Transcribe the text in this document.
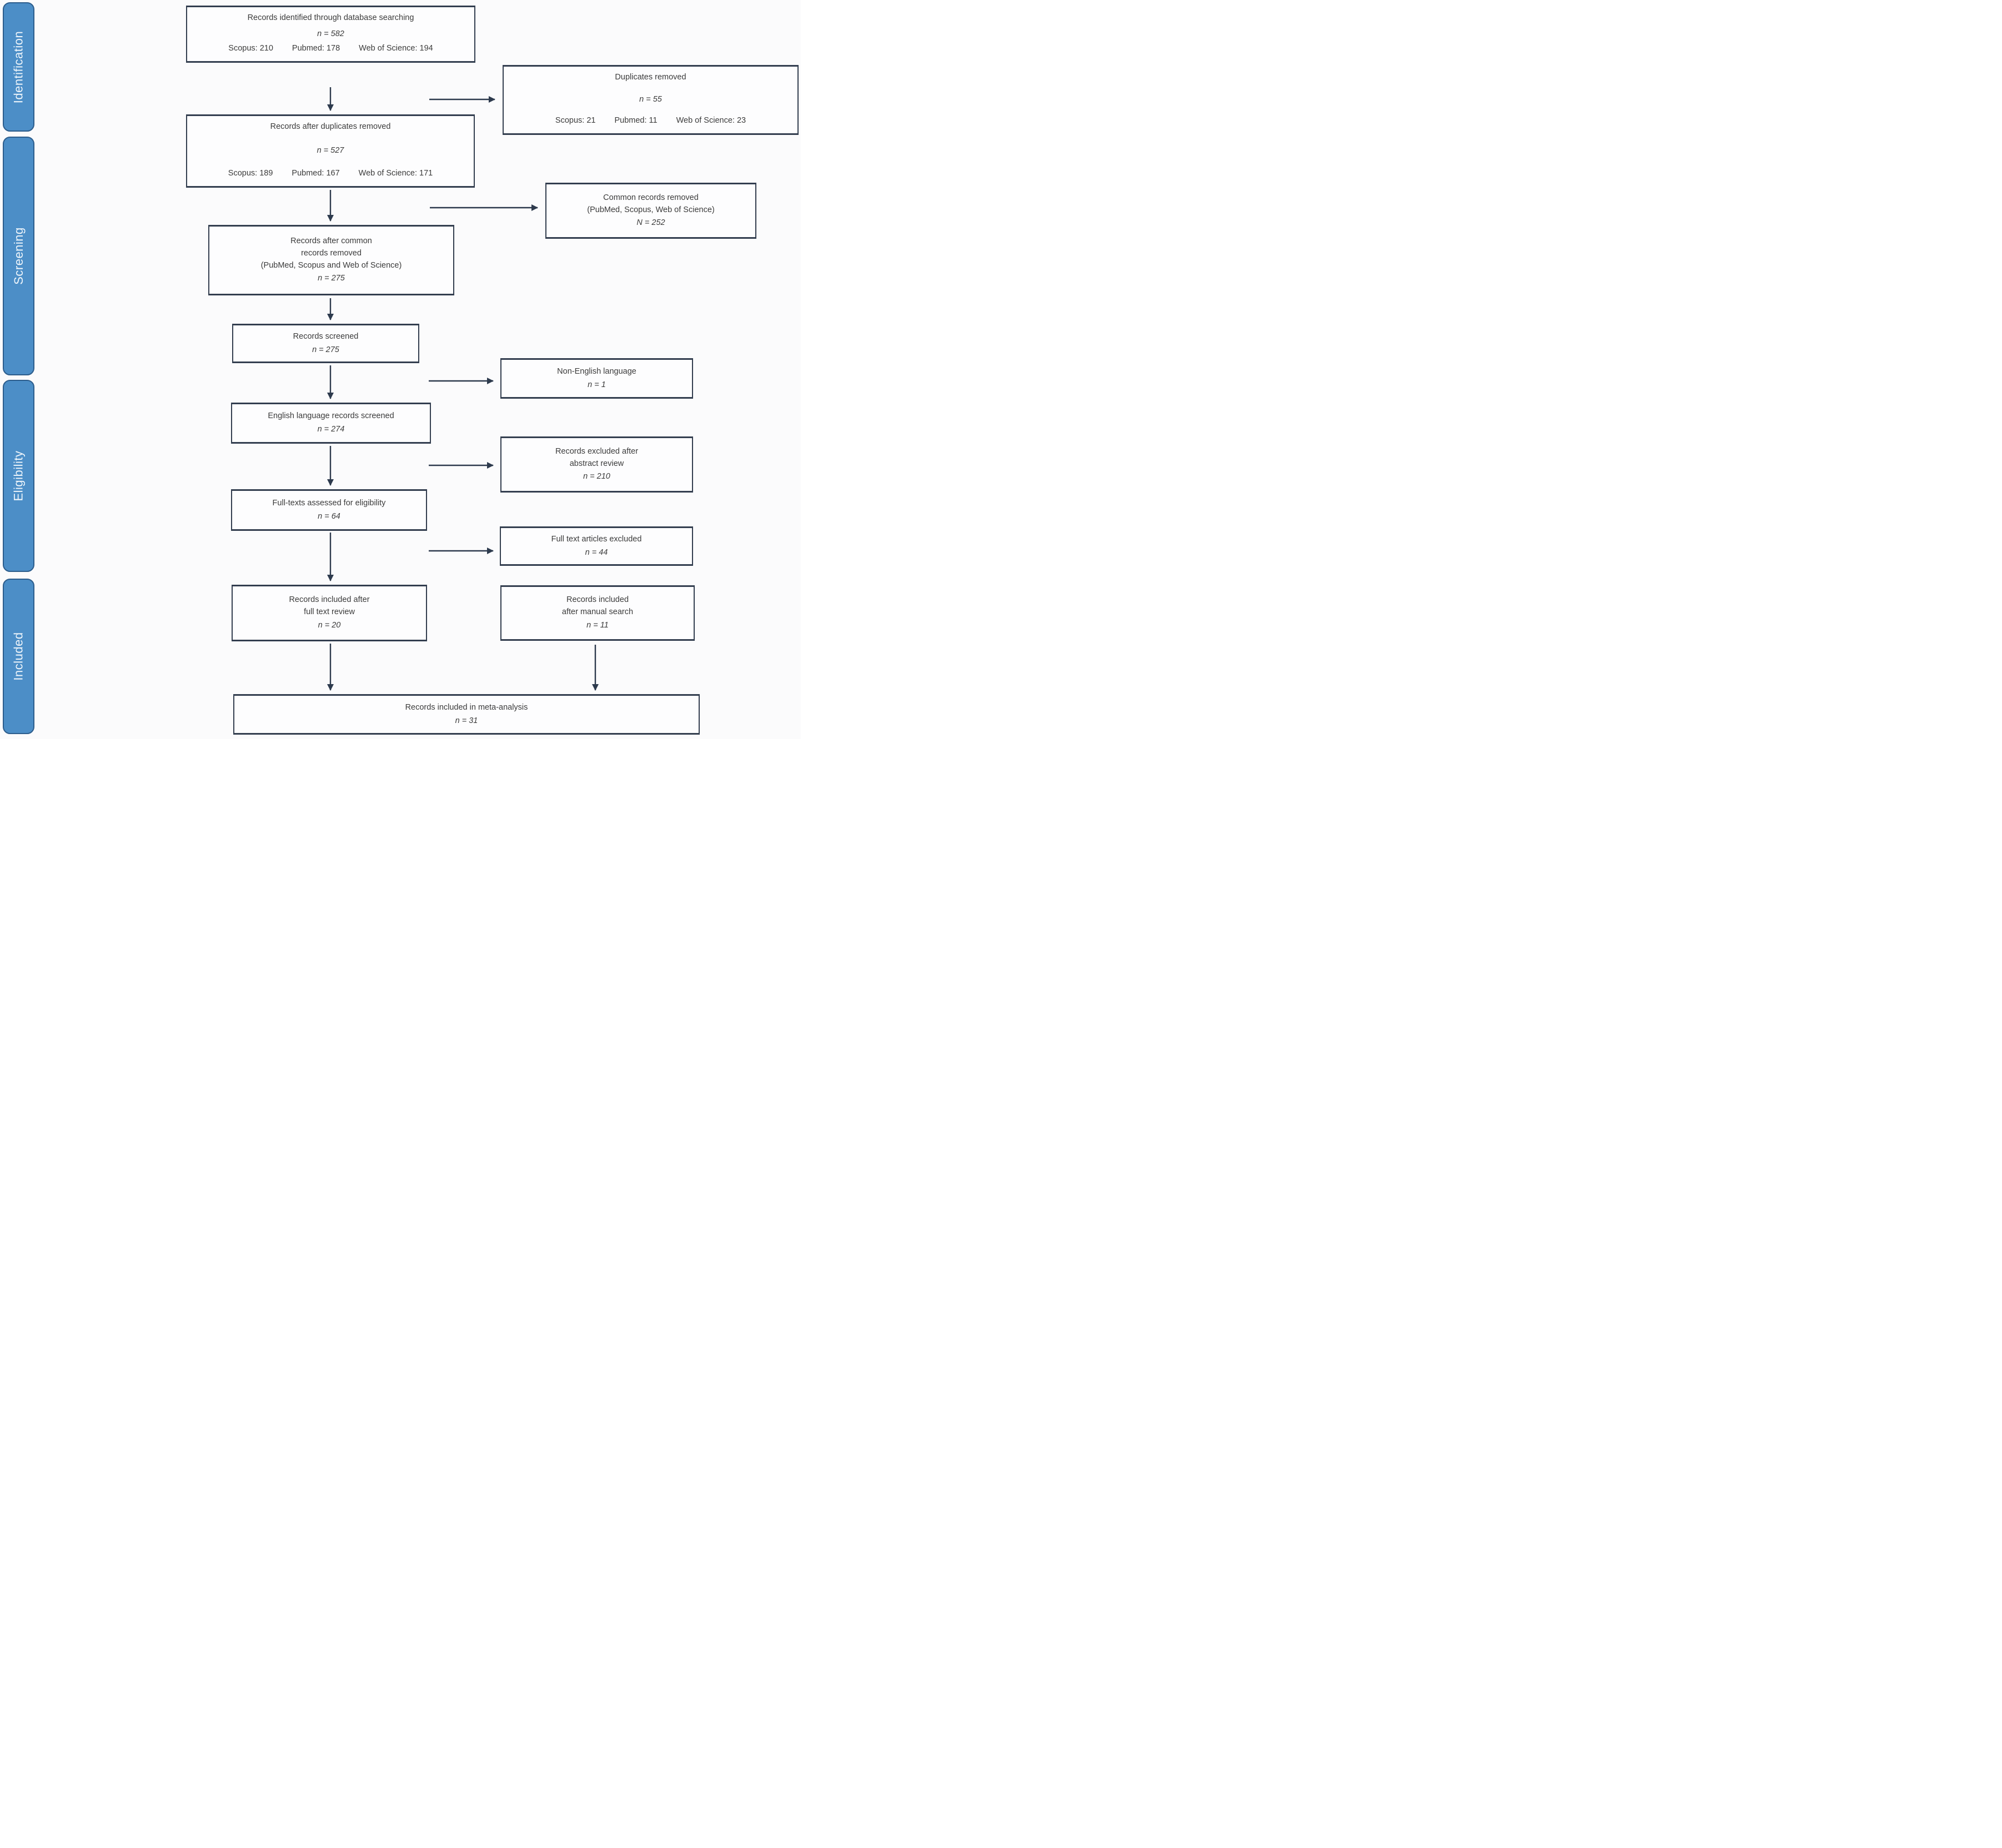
Identification
Screening
Eligibility
Included
Records identified through database searching
n = 582
Scopus: 210 Pubmed: 178 Web of Science: 194
Duplicates removed
n = 55
Scopus: 21 Pubmed: 11 Web of Science: 23
Records after duplicates removed
n = 527
Scopus: 189 Pubmed: 167 Web of Science: 171
Common records removed
(PubMed, Scopus, Web of Science)
N = 252
Records after common
records removed
(PubMed, Scopus and Web of Science)
n = 275
Records screened
n = 275
Non-English language
n = 1
English language records screened
n = 274
Records excluded after
abstract review
n = 210
Full-texts assessed for eligibility
n = 64
Full text articles excluded
n = 44
Records included after
full text review
n = 20
Records included
after manual search
n = 11
Records included in meta-analysis
n = 31
